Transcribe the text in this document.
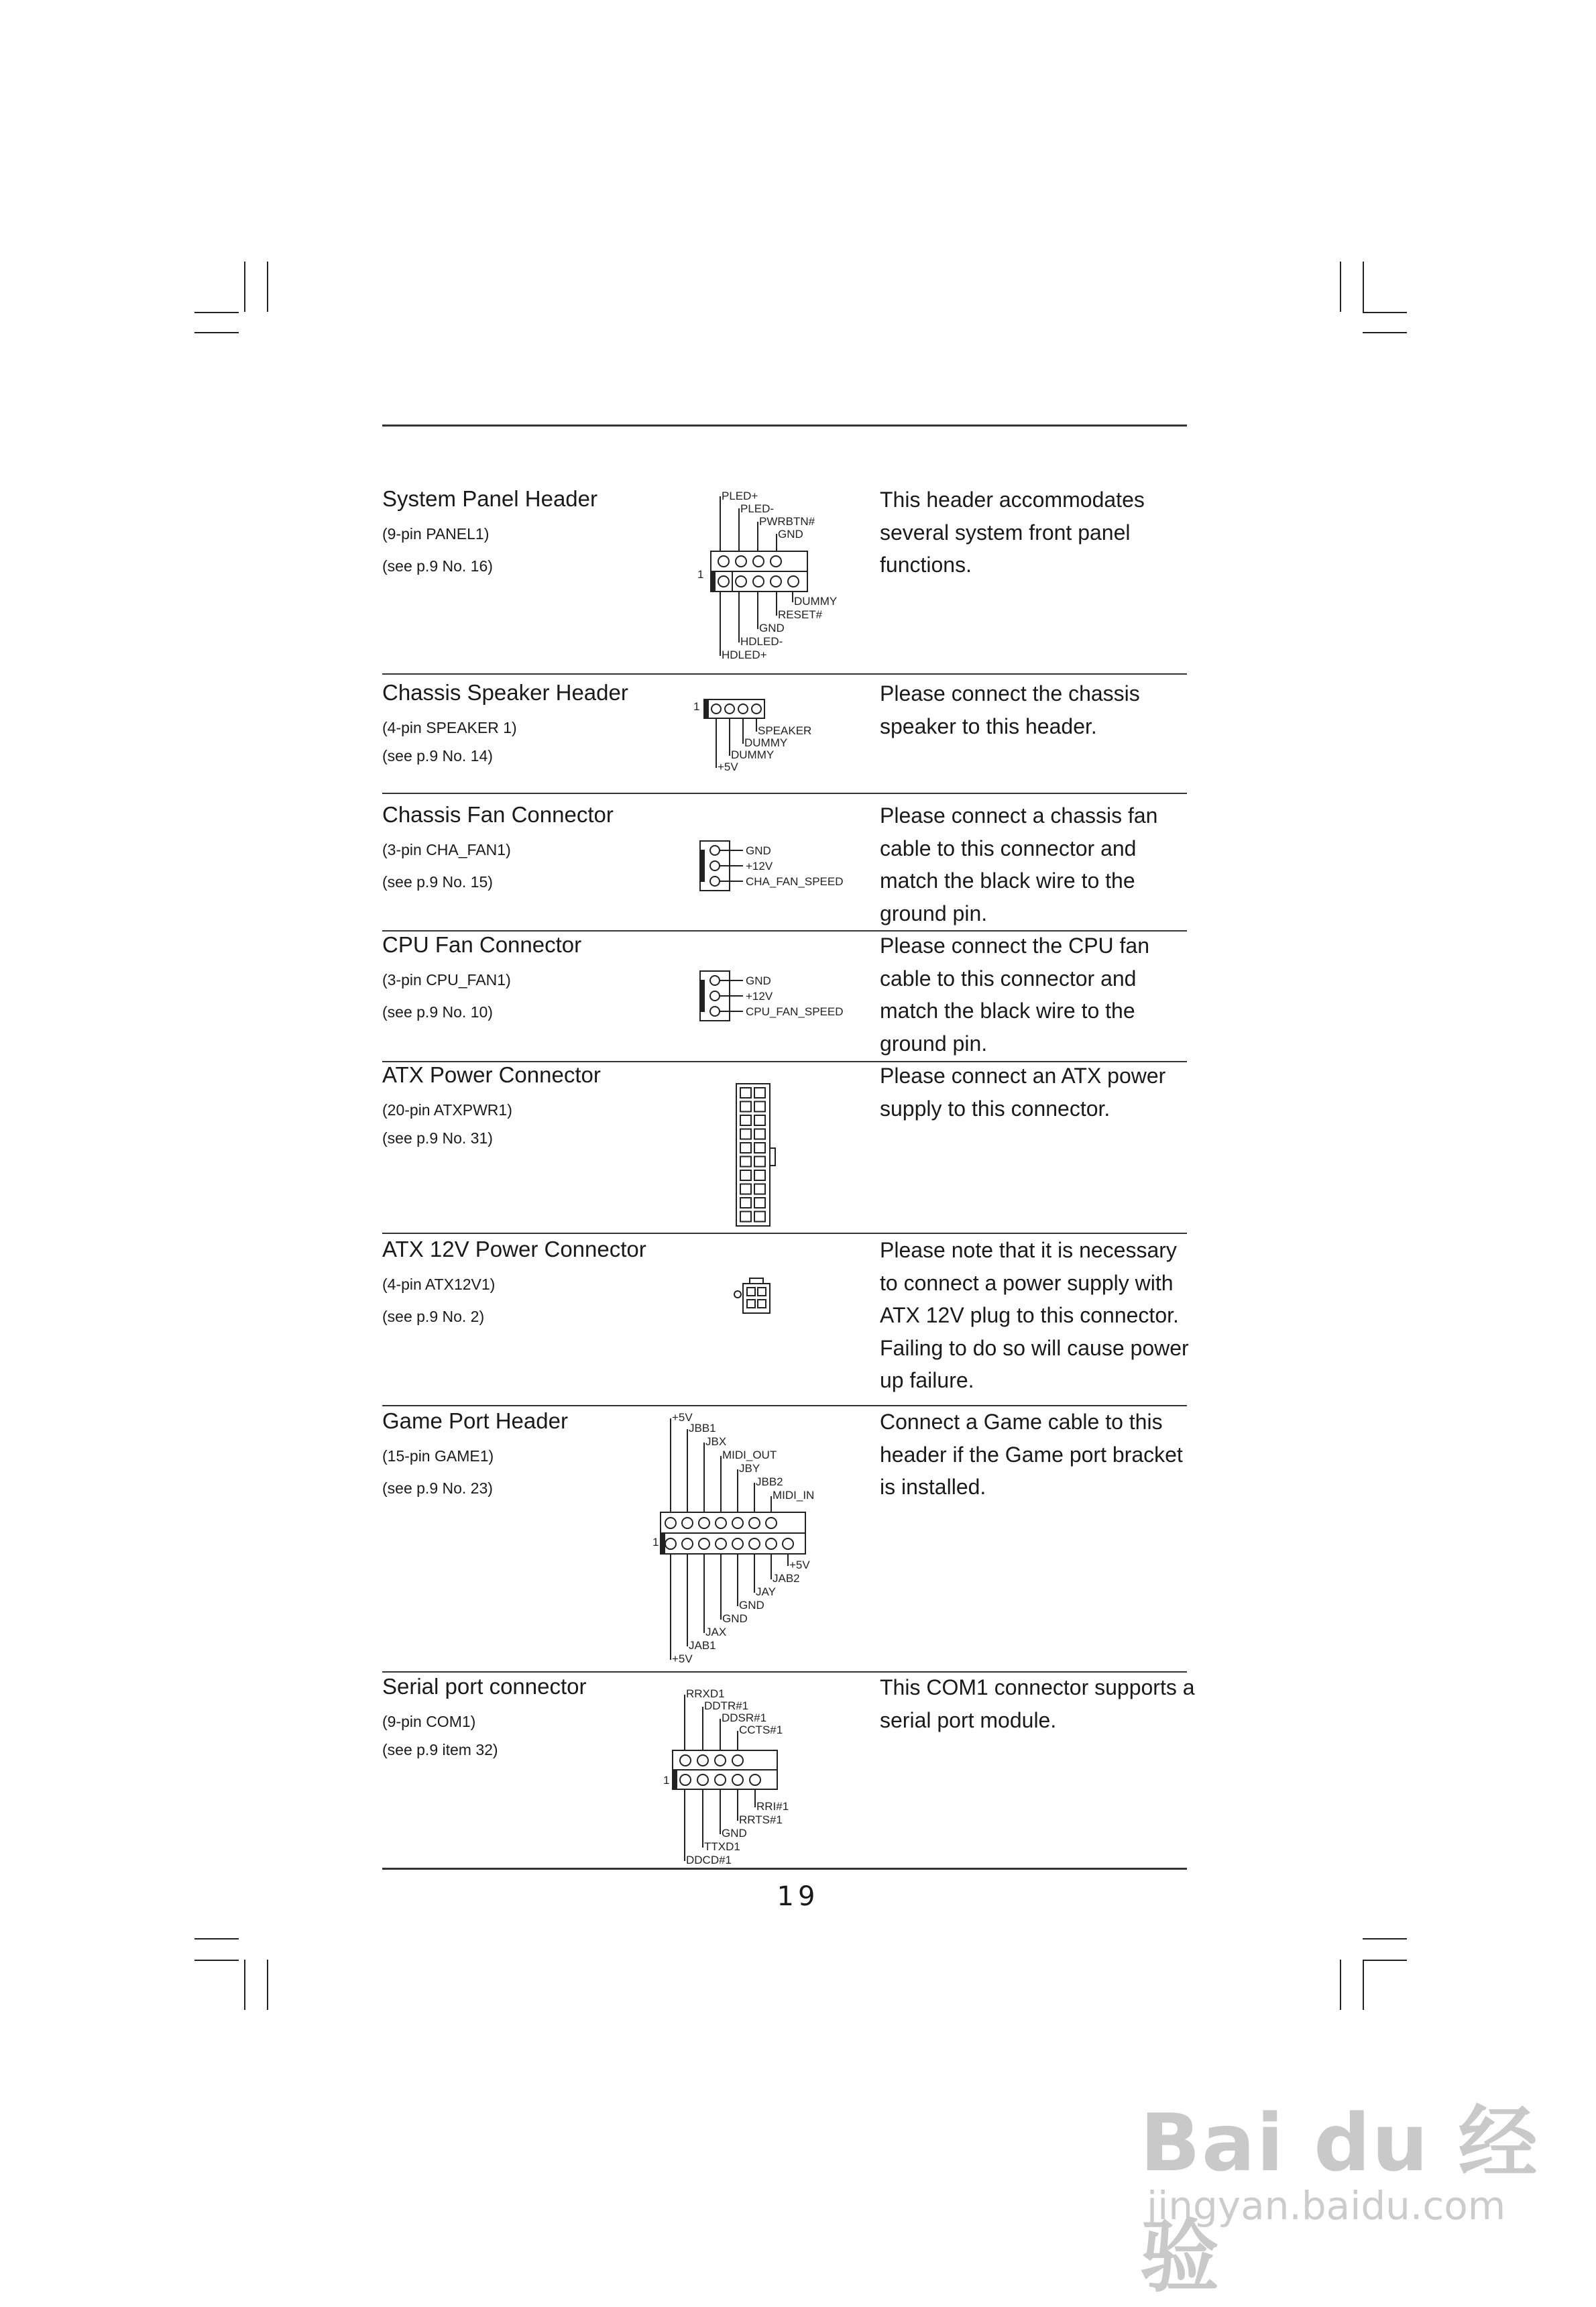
System Panel Header
(9-pin PANEL1)
(see p.9 No. 16)
This header accommodates several system front panel functions.
1
PLED+
PLED-
PWRBTN#
GND
DUMMY
RESET#
GND
HDLED-
HDLED+
Chassis Speaker Header
(4-pin SPEAKER 1)
(see p.9 No. 14)
Please connect the chassis speaker to this header.
1
SPEAKER
DUMMY
DUMMY
+5V
Chassis Fan Connector
(3-pin CHA_FAN1)
(see p.9 No. 15)
Please connect a chassis fan cable to this connector and match the black wire to the ground pin.
GND
+12V
CHA_FAN_SPEED
CPU Fan Connector
(3-pin CPU_FAN1)
(see p.9 No. 10)
Please connect the CPU fan cable to this connector and match the black wire to the ground pin.
GND
+12V
CPU_FAN_SPEED
ATX Power Connector
(20-pin ATXPWR1)
(see p.9 No. 31)
Please connect an ATX power supply to this connector.
ATX 12V Power Connector
(4-pin ATX12V1)
(see p.9 No. 2)
Please note that it is necessary to connect a power supply with ATX 12V plug to this connector. Failing to do so will cause power up failure.
Game Port Header
(15-pin GAME1)
(see p.9 No. 23)
Connect a Game cable to this header if the Game port bracket is installed.
1
+5V
JBB1
JBX
MIDI_OUT
JBY
JBB2
MIDI_IN
+5V
JAB2
JAY
GND
GND
JAX
JAB1
+5V
Serial port connector
(9-pin COM1)
(see p.9 item 32)
This COM1 connector supports a serial port module.
1
RRXD1
DDTR#1
DDSR#1
CCTS#1
RRI#1
RRTS#1
GND
TTXD1
DDCD#1
19
Bai du 经验
jingyan.baidu.com
